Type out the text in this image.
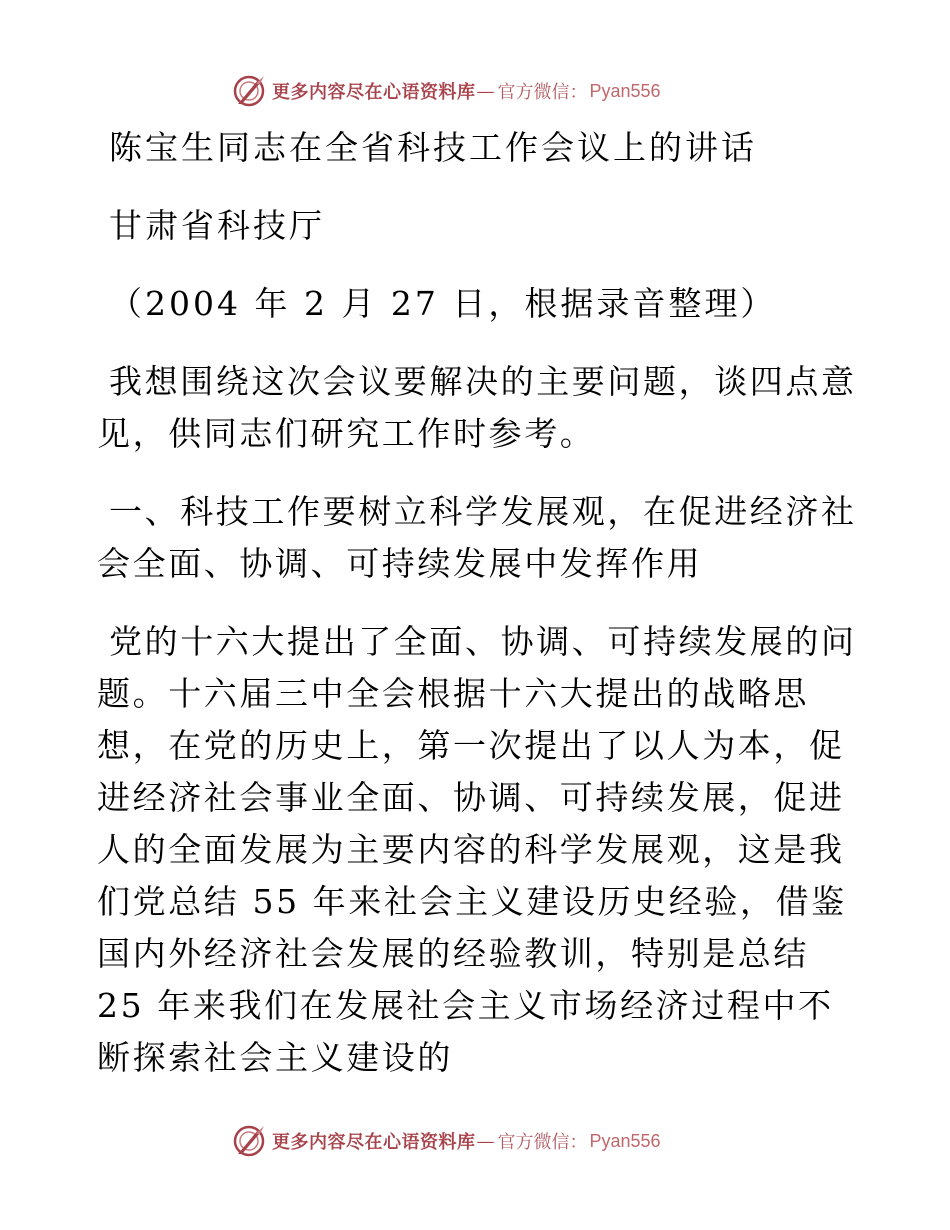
更多内容尽在心语资料库 — 官方微信： Pyan556

陈宝生同志在全省科技工作会议上的讲话

甘肃省科技厅

（2004 年 2 月 27 日，根据录音整理）

我想围绕这次会议要解决的主要问题，谈四点意见，供同志们研究工作时参考。

一、科技工作要树立科学发展观，在促进经济社会全面、协调、可持续发展中发挥作用

党的十六大提出了全面、协调、可持续发展的问题。十六届三中全会根据十六大提出的战略思想，在党的历史上，第一次提出了以人为本，促进经济社会事业全面、协调、可持续发展，促进人的全面发展为主要内容的科学发展观，这是我们党总结 55 年来社会主义建设历史经验，借鉴国内外经济社会发展的经验教训，特别是总结 25 年来我们在发展社会主义市场经济过程中不断探索社会主义建设的

更多内容尽在心语资料库 — 官方微信： Pyan556
